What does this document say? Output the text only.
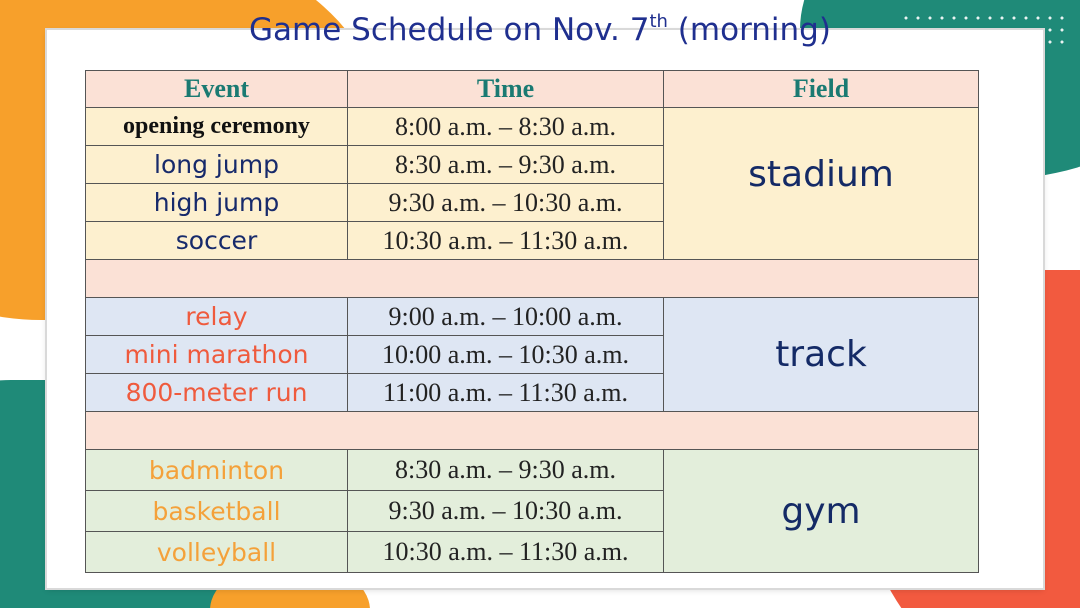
Game Schedule on Nov. 7th (morning)
Event	Time	Field
opening ceremony	8:00 a.m. – 8:30 a.m.	stadium
long jump	8:30 a.m. – 9:30 a.m.	
high jump	9:30 a.m. – 10:30 a.m.	
soccer	10:30 a.m. – 11:30 a.m.	

relay	9:00 a.m. – 10:00 a.m.	track
mini marathon	10:00 a.m. – 10:30 a.m.	
800-meter run	11:00 a.m. – 11:30 a.m.	

badminton	8:30 a.m. – 9:30 a.m.	gym
basketball	9:30 a.m. – 10:30 a.m.	
volleyball	10:30 a.m. – 11:30 a.m.	
